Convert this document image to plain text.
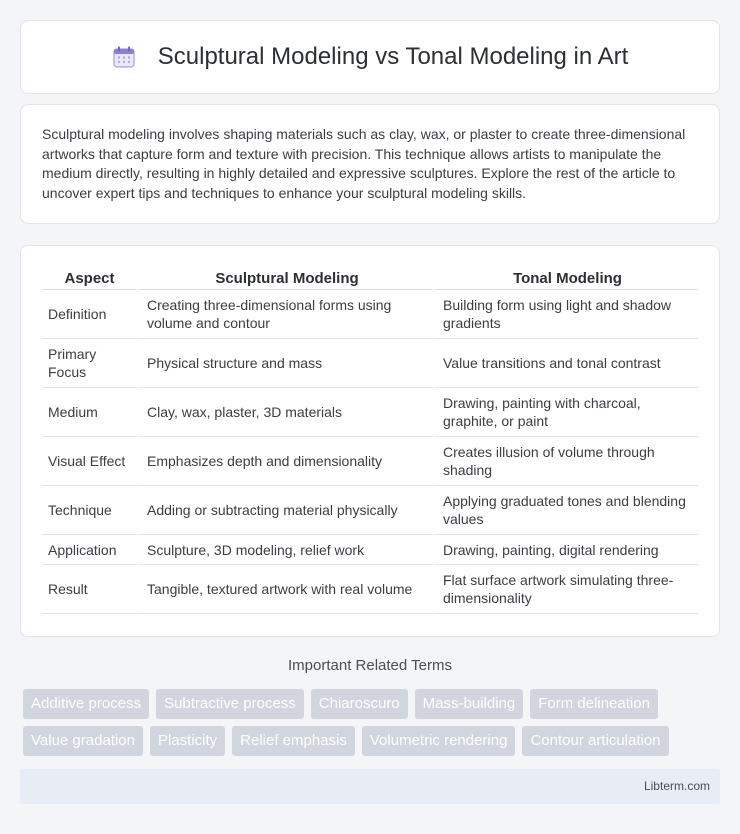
Sculptural Modeling vs Tonal Modeling in Art

Sculptural modeling involves shaping materials such as clay, wax, or plaster to create three-dimensional artworks that capture form and texture with precision. This technique allows artists to manipulate the medium directly, resulting in highly detailed and expressive sculptures. Explore the rest of the article to uncover expert tips and techniques to enhance your sculptural modeling skills.

Aspect	Sculptural Modeling	Tonal Modeling
Definition	Creating three-dimensional forms using volume and contour	Building form using light and shadow gradients
Primary Focus	Physical structure and mass	Value transitions and tonal contrast
Medium	Clay, wax, plaster, 3D materials	Drawing, painting with charcoal, graphite, or paint
Visual Effect	Emphasizes depth and dimensionality	Creates illusion of volume through shading
Technique	Adding or subtracting material physically	Applying graduated tones and blending values
Application	Sculpture, 3D modeling, relief work	Drawing, painting, digital rendering
Result	Tangible, textured artwork with real volume	Flat surface artwork simulating three-dimensionality
Important Related Terms
Additive process	Subtractive process	Chiaroscuro	Mass-building	Form delineation
Value gradation	Plasticity	Relief emphasis	Volumetric rendering	Contour articulation
Libterm.com
